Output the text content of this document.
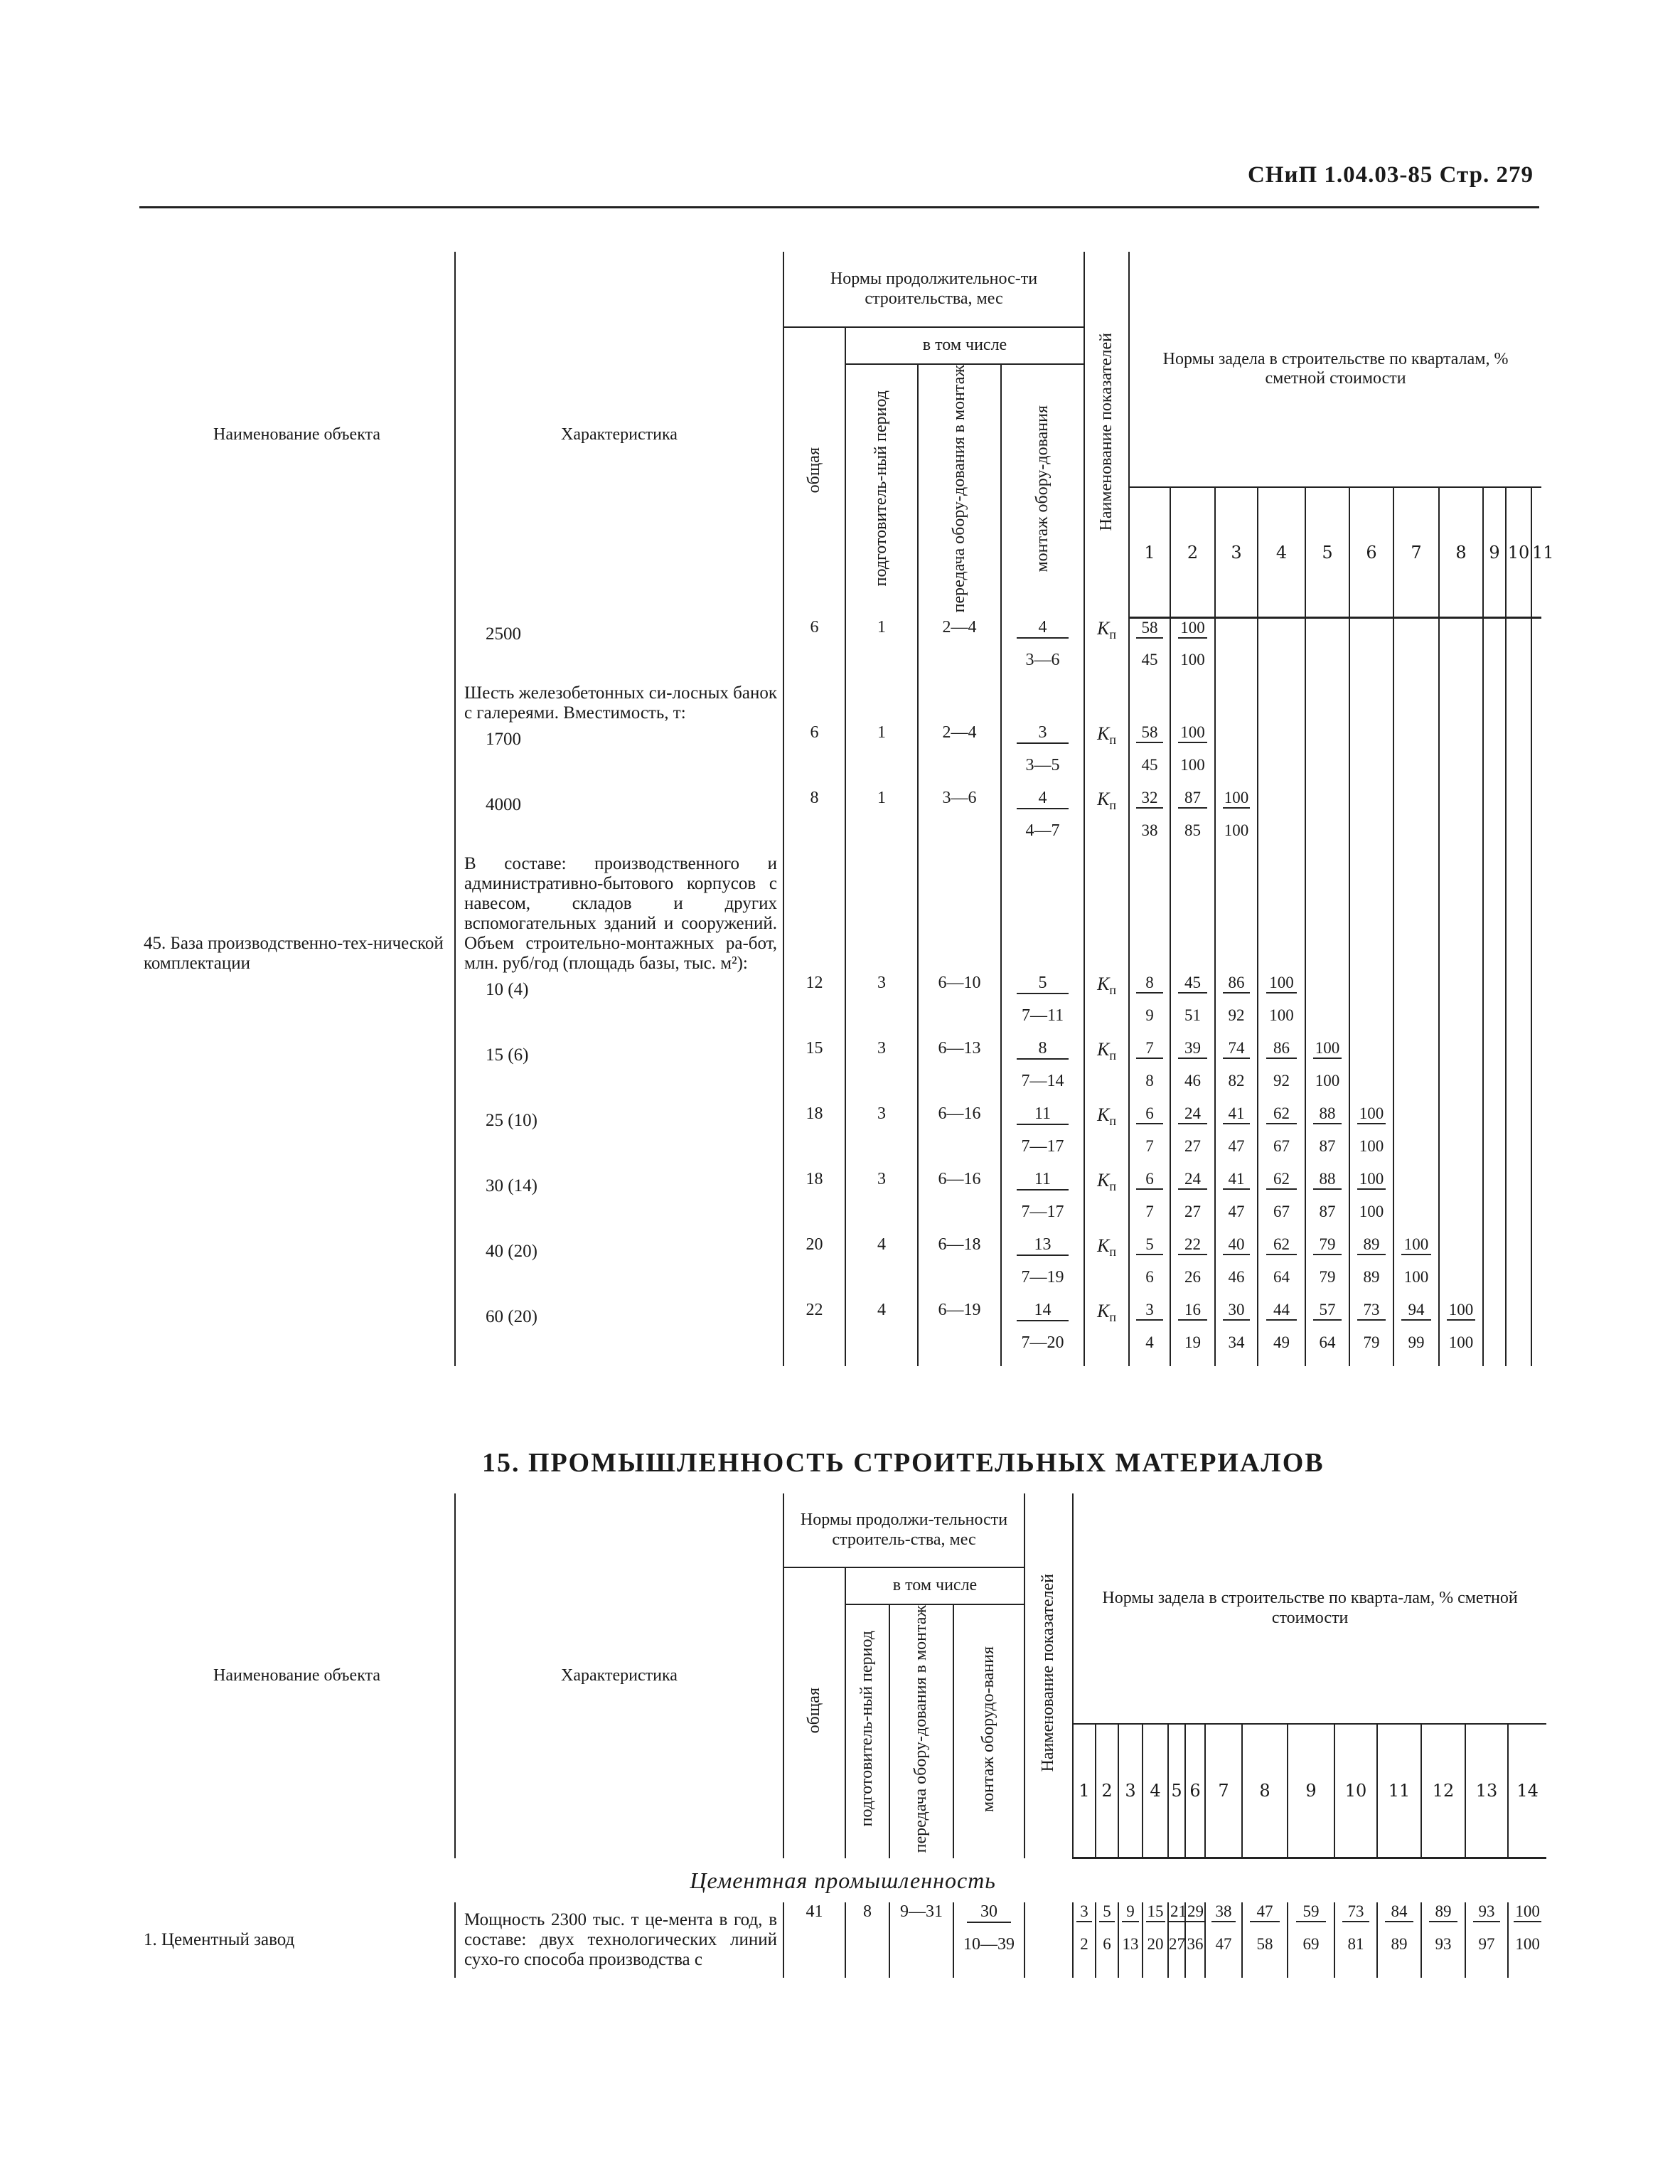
СНиП 1.04.03-85 Стр. 279
Наименование объекта	Характеристика	Нормы продолжительнос-ти строительства, мес				Наименование показателей	Нормы задела в строительстве по кварталам, % сметной стоимости										
		общая	в том числе														
			подготовитель-ный период	передача обору-дования в монтаж	монтаж обору-дования												
							1	2	3	4	5	6	7	8	9	10	11
	2500	6	1	2—4	4	$К_п$	58	100									
					3—6		45	100									
	Шесть железобетонных си-лосных банок с галереями. Вместимость, т:																
	1700	6	1	2—4	3	$К_п$	58	100									
					3—5		45	100									
	4000	8	1	3—6	4	$К_п$	32	87	100								
					4—7		38	85	100								
45. База производственно-тех-нической комплектации	В составе: производственного и административно-бытового корпусов с навесом, складов и других вспомогательных зданий и сооружений. Объем строительно-монтажных ра-бот, млн. руб/год (площадь базы, тыс. м²):																
	10 (4)	12	3	6—10	5	$К_п$	8	45	86	100							
					7—11		9	51	92	100							
	15 (6)	15	3	6—13	8	$К_п$	7	39	74	86	100						
					7—14		8	46	82	92	100						
	25 (10)	18	3	6—16	11	$К_п$	6	24	41	62	88	100					
					7—17		7	27	47	67	87	100					
	30 (14)	18	3	6—16	11	$К_п$	6	24	41	62	88	100					
					7—17		7	27	47	67	87	100					
	40 (20)	20	4	6—18	13	$К_п$	5	22	40	62	79	89	100				
					7—19		6	26	46	64	79	89	100				
	60 (20)	22	4	6—19	14	$К_п$	3	16	30	44	57	73	94	100			
					7—20		4	19	34	49	64	79	99	100			
15. ПРОМЫШЛЕННОСТЬ СТРОИТЕЛЬНЫХ МАТЕРИАЛОВ
Наименование объекта	Характеристика	Нормы продолжи-тельности строитель-ства, мес				Наименование показателей	Нормы задела в строительстве по кварта-лам, % сметной стоимости													
		общая	в том числе																	
			подготовитель-ный период	передача обору-дования в монтаж	монтаж оборудо-вания															
							1	2	3	4	5	6	7	8	9	10	11	12	13	14
Цементная промышленность																				
1. Цементный завод	Мощность 2300 тыс. т це-мента в год, в составе: двух технологических линий сухо-го способа производства с	41	8	9—31	30		3	5	9	15	21	29	38	47	59	73	84	89	93	100
					10—39		2	6	13	20	27	36	47	58	69	81	89	93	97	100
